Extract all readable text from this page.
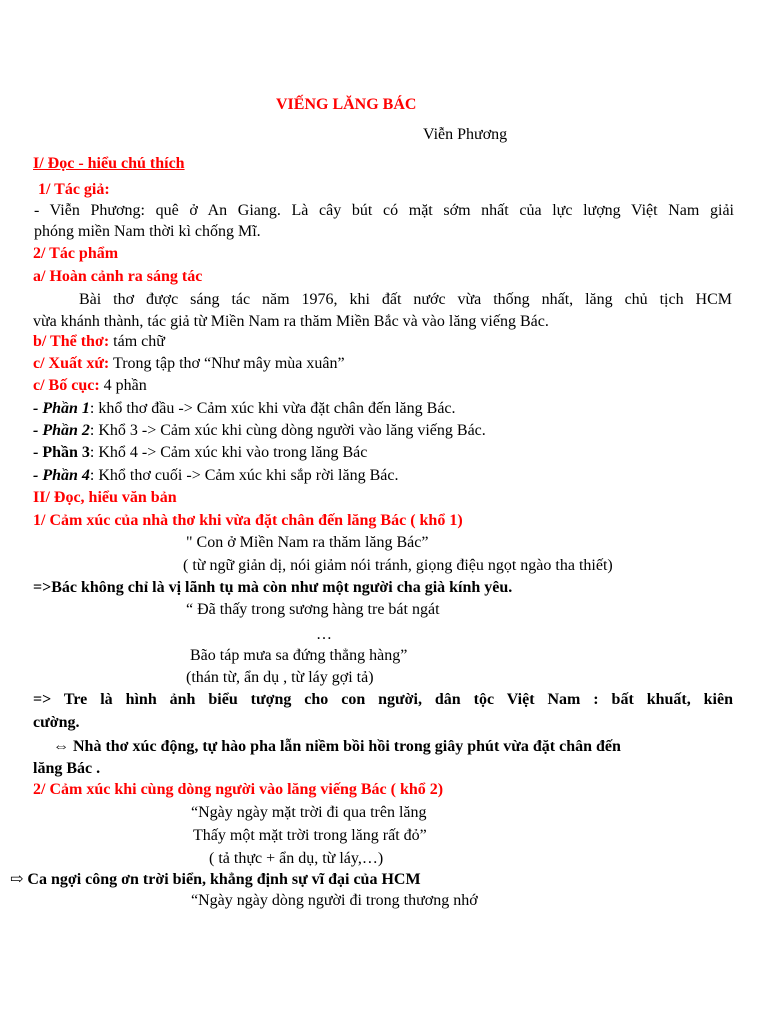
VIẾNG LĂNG BÁC
Viễn Phương
I/ Đọc - hiểu chú thích
1/ Tác giả:
- Viễn Phương: quê ở An Giang. Là cây bút có mặt sớm nhất của lực lượng Việt Nam giải
phóng miền Nam thời kì chống Mĩ.
2/ Tác phẩm
a/ Hoàn cảnh ra sáng tác
Bài thơ được sáng tác năm 1976, khi đất nước vừa thống nhất, lăng chủ tịch HCM
vừa khánh thành, tác giả từ Miền Nam ra thăm Miền Bắc và vào lăng viếng Bác.
b/ Thể thơ: tám chữ
c/ Xuất xứ: Trong tập thơ “Như mây mùa xuân”
c/ Bố cục: 4 phần
- Phần 1: khổ thơ đầu -> Cảm xúc khi vừa đặt chân đến lăng Bác.
- Phần 2: Khổ 3 -> Cảm xúc khi cùng dòng người vào lăng viếng Bác.
- Phần 3: Khổ 4 -> Cảm xúc khi vào trong lăng Bác
- Phần 4: Khổ thơ cuối -> Cảm xúc khi sắp rời lăng Bác.
II/ Đọc, hiểu văn bản
1/ Cảm xúc của nhà thơ khi vừa đặt chân đến lăng Bác ( khổ 1)
" Con ở Miền Nam ra thăm lăng Bác”
( từ ngữ giản dị, nói giảm nói tránh, giọng điệu ngọt ngào tha thiết)
=>Bác không chỉ là vị lãnh tụ mà còn như một người cha già kính yêu.
“ Đã thấy trong sương hàng tre bát ngát
…
Bão táp mưa sa đứng thẳng hàng”
(thán từ, ẩn dụ , từ láy gợi tả)
=> Tre là hình ảnh biểu tượng cho con người, dân tộc Việt Nam : bất khuất, kiên
cường.
⇔ Nhà thơ xúc động, tự hào pha lẫn niềm bồi hồi trong giây phút vừa đặt chân đến
lăng Bác .
2/ Cảm xúc khi cùng dòng người vào lăng viếng Bác ( khổ 2)
“Ngày ngày mặt trời đi qua trên lăng
Thấy một mặt trời trong lăng rất đỏ”
( tả thực + ẩn dụ, từ láy,…)
⇨ Ca ngợi công ơn trời biển, khẳng định sự vĩ đại của HCM
“Ngày ngày dòng người đi trong thương nhớ
